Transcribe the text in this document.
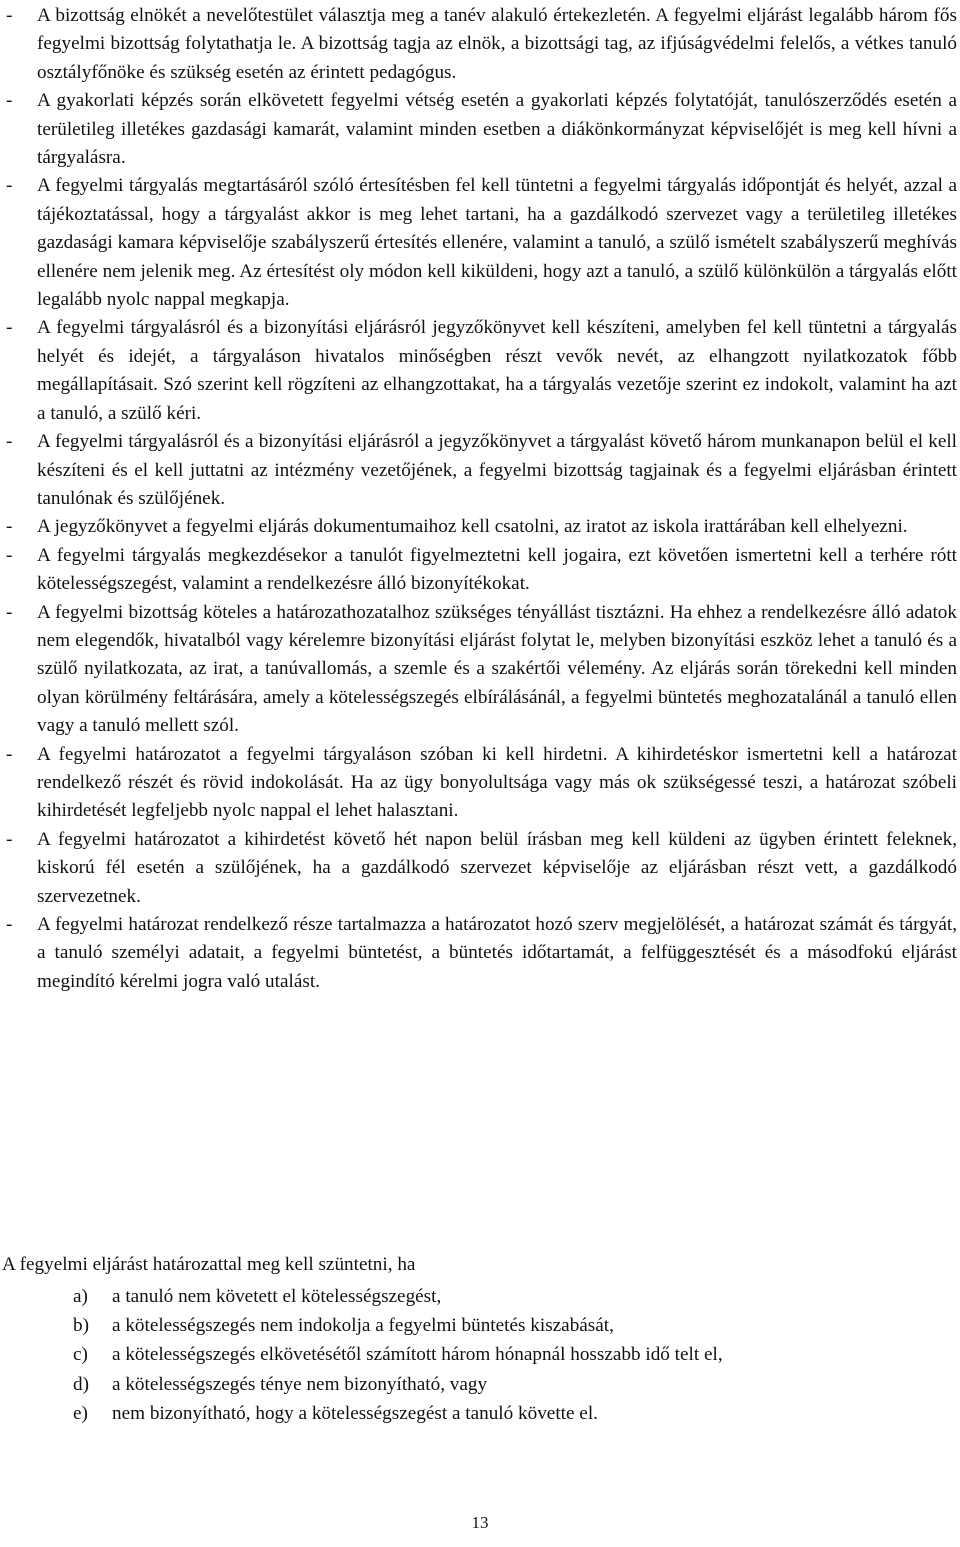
- A bizottság elnökét a nevelőtestület választja meg a tanév alakuló értekezletén. A fegyelmi eljárást legalább három fős fegyelmi bizottság folytathatja le. A bizottság tagja az elnök, a bizottsági tag, az ifjúságvédelmi felelős, a vétkes tanuló osztályfőnöke és szükség esetén az érintett pedagógus.
- A gyakorlati képzés során elkövetett fegyelmi vétség esetén a gyakorlati képzés folytatóját, tanulószerződés esetén a területileg illetékes gazdasági kamarát, valamint minden esetben a diákönkormányzat képviselőjét is meg kell hívni a tárgyalásra.
- A fegyelmi tárgyalás megtartásáról szóló értesítésben fel kell tüntetni a fegyelmi tárgyalás időpontját és helyét, azzal a tájékoztatással, hogy a tárgyalást akkor is meg lehet tartani, ha a gazdálkodó szervezet vagy a területileg illetékes gazdasági kamara képviselője szabályszerű értesítés ellenére, valamint a tanuló, a szülő ismételt szabályszerű meghívás ellenére nem jelenik meg. Az értesítést oly módon kell kiküldeni, hogy azt a tanuló, a szülő különkülön a tárgyalás előtt legalább nyolc nappal megkapja.
- A fegyelmi tárgyalásról és a bizonyítási eljárásról jegyzőkönyvet kell készíteni, amelyben fel kell tüntetni a tárgyalás helyét és idejét, a tárgyaláson hivatalos minőségben részt vevők nevét, az elhangzott nyilatkozatok főbb megállapításait. Szó szerint kell rögzíteni az elhangzottakat, ha a tárgyalás vezetője szerint ez indokolt, valamint ha azt a tanuló, a szülő kéri.
- A fegyelmi tárgyalásról és a bizonyítási eljárásról a jegyzőkönyvet a tárgyalást követő három munkanapon belül el kell készíteni és el kell juttatni az intézmény vezetőjének, a fegyelmi bizottság tagjainak és a fegyelmi eljárásban érintett tanulónak és szülőjének.
- A jegyzőkönyvet a fegyelmi eljárás dokumentumaihoz kell csatolni, az iratot az iskola irattárában kell elhelyezni.
- A fegyelmi tárgyalás megkezdésekor a tanulót figyelmeztetni kell jogaira, ezt követően ismertetni kell a terhére rótt kötelességszegést, valamint a rendelkezésre álló bizonyítékokat.
- A fegyelmi bizottság köteles a határozathozatalhoz szükséges tényállást tisztázni. Ha ehhez a rendelkezésre álló adatok nem elegendők, hivatalból vagy kérelemre bizonyítási eljárást folytat le, melyben bizonyítási eszköz lehet a tanuló és a szülő nyilatkozata, az irat, a tanúvallomás, a szemle és a szakértői vélemény. Az eljárás során törekedni kell minden olyan körülmény feltárására, amely a kötelességszegés elbírálásánál, a fegyelmi büntetés meghozatalánál a tanuló ellen vagy a tanuló mellett szól.
- A fegyelmi határozatot a fegyelmi tárgyaláson szóban ki kell hirdetni. A kihirdetéskor ismertetni kell a határozat rendelkező részét és rövid indokolását. Ha az ügy bonyolultsága vagy más ok szükségessé teszi, a határozat szóbeli kihirdetését legfeljebb nyolc nappal el lehet halasztani.
- A fegyelmi határozatot a kihirdetést követő hét napon belül írásban meg kell küldeni az ügyben érintett feleknek, kiskorú fél esetén a szülőjének, ha a gazdálkodó szervezet képviselője az eljárásban részt vett, a gazdálkodó szervezetnek.
- A fegyelmi határozat rendelkező része tartalmazza a határozatot hozó szerv megjelölését, a határozat számát és tárgyát, a tanuló személyi adatait, a fegyelmi büntetést, a büntetés időtartamát, a felfüggesztését és a másodfokú eljárást megindító kérelmi jogra való utalást.
A fegyelmi eljárást határozattal meg kell szüntetni, ha
a) a tanuló nem követett el kötelességszegést,
b) a kötelességszegés nem indokolja a fegyelmi büntetés kiszabását,
c) a kötelességszegés elkövetésétől számított három hónapnál hosszabb idő telt el,
d) a kötelességszegés ténye nem bizonyítható, vagy
e) nem bizonyítható, hogy a kötelességszegést a tanuló követte el.
13
